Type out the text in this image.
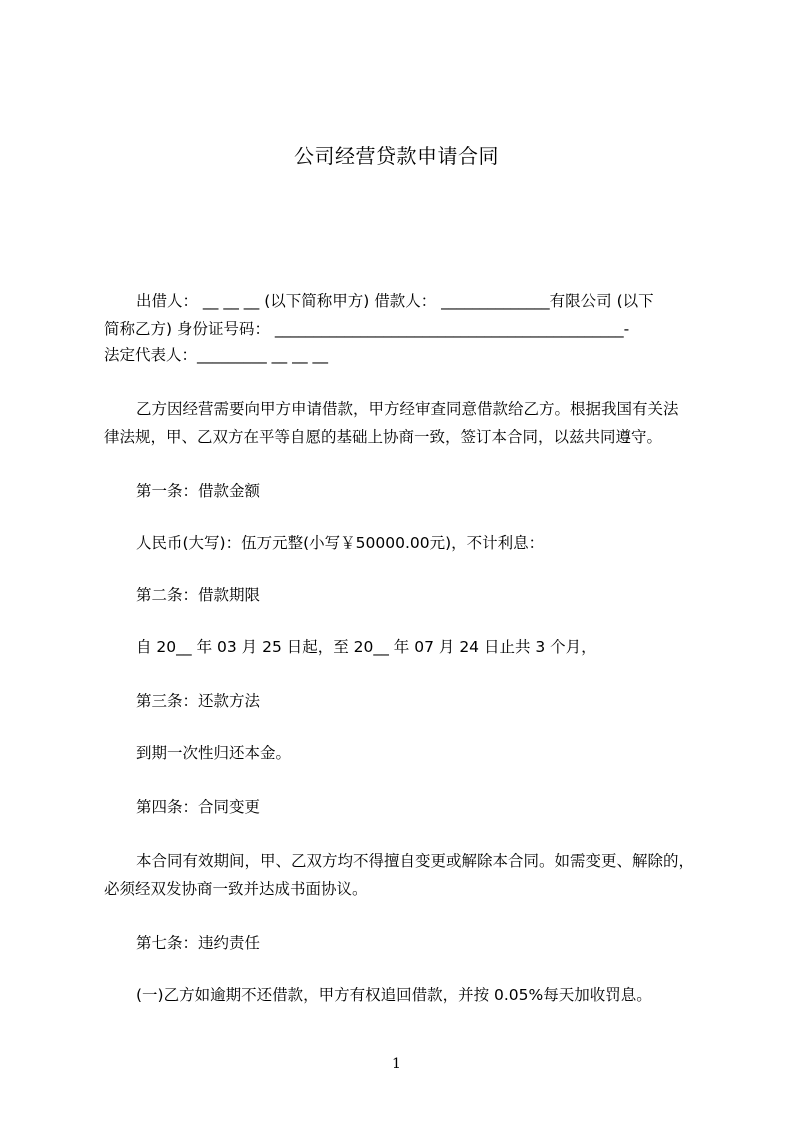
公司经营贷款申请合同
出借人： __ __ __ (以下简称甲方) 借款人： ______________有限公司 (以下
简称乙方) 身份证号码： _____________________________________________-
法定代表人：_________ __ __ __
乙方因经营需要向甲方申请借款，甲方经审查同意借款给乙方。根据我国有关法
律法规，甲、乙双方在平等自愿的基础上协商一致，签订本合同，以兹共同遵守。
第一条：借款金额
人民币(大写)：伍万元整(小写￥50000.00元)，不计利息：
第二条：借款期限
自 20__ 年 03 月 25 日起，至 20__ 年 07 月 24 日止共 3 个月，
第三条：还款方法
到期一次性归还本金。
第四条：合同变更
本合同有效期间，甲、乙双方均不得擅自变更或解除本合同。如需变更、解除的，
必须经双发协商一致并达成书面协议。
第七条：违约责任
(一)乙方如逾期不还借款，甲方有权追回借款，并按 0.05%每天加收罚息。
1
